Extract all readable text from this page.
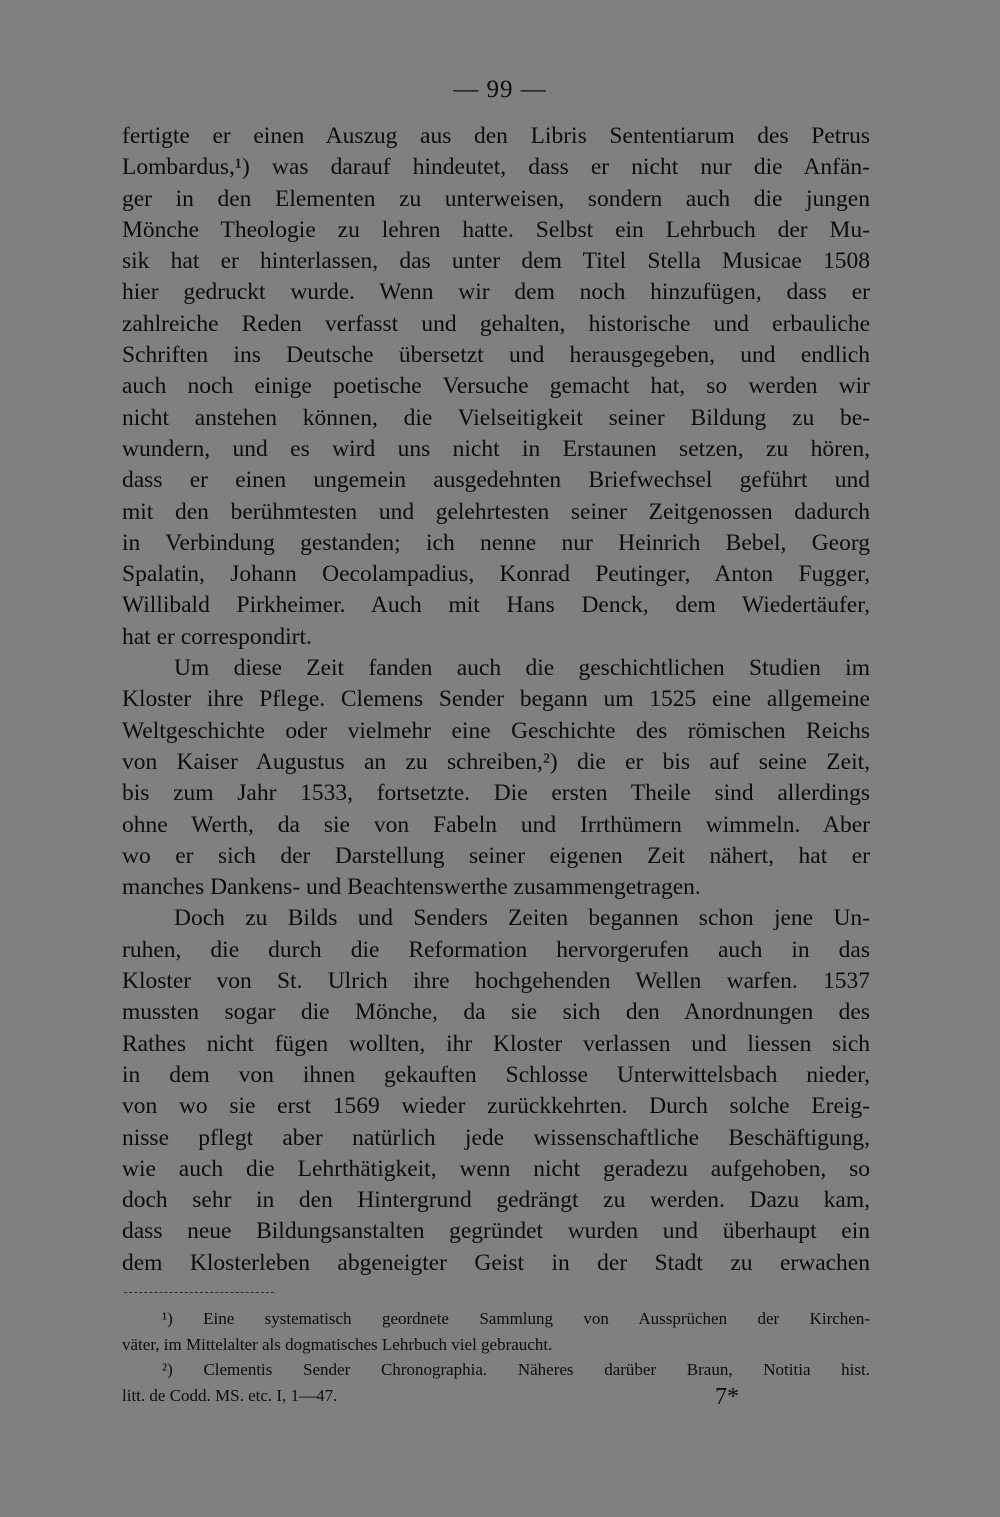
— 99 —
fertigte er einen Auszug aus den Libris Sententiarum des Petrus
Lombardus,¹) was darauf hindeutet, dass er nicht nur die Anfän-
ger in den Elementen zu unterweisen, sondern auch die jungen
Mönche Theologie zu lehren hatte. Selbst ein Lehrbuch der Mu-
sik hat er hinterlassen, das unter dem Titel Stella Musicae 1508
hier gedruckt wurde. Wenn wir dem noch hinzufügen, dass er
zahlreiche Reden verfasst und gehalten, historische und erbauliche
Schriften ins Deutsche übersetzt und herausgegeben, und endlich
auch noch einige poetische Versuche gemacht hat, so werden wir
nicht anstehen können, die Vielseitigkeit seiner Bildung zu be-
wundern, und es wird uns nicht in Erstaunen setzen, zu hören,
dass er einen ungemein ausgedehnten Briefwechsel geführt und
mit den berühmtesten und gelehrtesten seiner Zeitgenossen dadurch
in Verbindung gestanden; ich nenne nur Heinrich Bebel, Georg
Spalatin, Johann Oecolampadius, Konrad Peutinger, Anton Fugger,
Willibald Pirkheimer. Auch mit Hans Denck, dem Wiedertäufer,
hat er correspondirt.
Um diese Zeit fanden auch die geschichtlichen Studien im
Kloster ihre Pflege. Clemens Sender begann um 1525 eine allgemeine
Weltgeschichte oder vielmehr eine Geschichte des römischen Reichs
von Kaiser Augustus an zu schreiben,²) die er bis auf seine Zeit,
bis zum Jahr 1533, fortsetzte. Die ersten Theile sind allerdings
ohne Werth, da sie von Fabeln und Irrthümern wimmeln. Aber
wo er sich der Darstellung seiner eigenen Zeit nähert, hat er
manches Dankens- und Beachtenswerthe zusammengetragen.
Doch zu Bilds und Senders Zeiten begannen schon jene Un-
ruhen, die durch die Reformation hervorgerufen auch in das
Kloster von St. Ulrich ihre hochgehenden Wellen warfen. 1537
mussten sogar die Mönche, da sie sich den Anordnungen des
Rathes nicht fügen wollten, ihr Kloster verlassen und liessen sich
in dem von ihnen gekauften Schlosse Unterwittelsbach nieder,
von wo sie erst 1569 wieder zurückkehrten. Durch solche Ereig-
nisse pflegt aber natürlich jede wissenschaftliche Beschäftigung,
wie auch die Lehrthätigkeit, wenn nicht geradezu aufgehoben, so
doch sehr in den Hintergrund gedrängt zu werden. Dazu kam,
dass neue Bildungsanstalten gegründet wurden und überhaupt ein
dem Klosterleben abgeneigter Geist in der Stadt zu erwachen
¹) Eine systematisch geordnete Sammlung von Aussprüchen der Kirchen-
väter, im Mittelalter als dogmatisches Lehrbuch viel gebraucht.
²) Clementis Sender Chronographia. Näheres darüber Braun, Notitia hist.
litt. de Codd. MS. etc. I, 1—47.	7*
